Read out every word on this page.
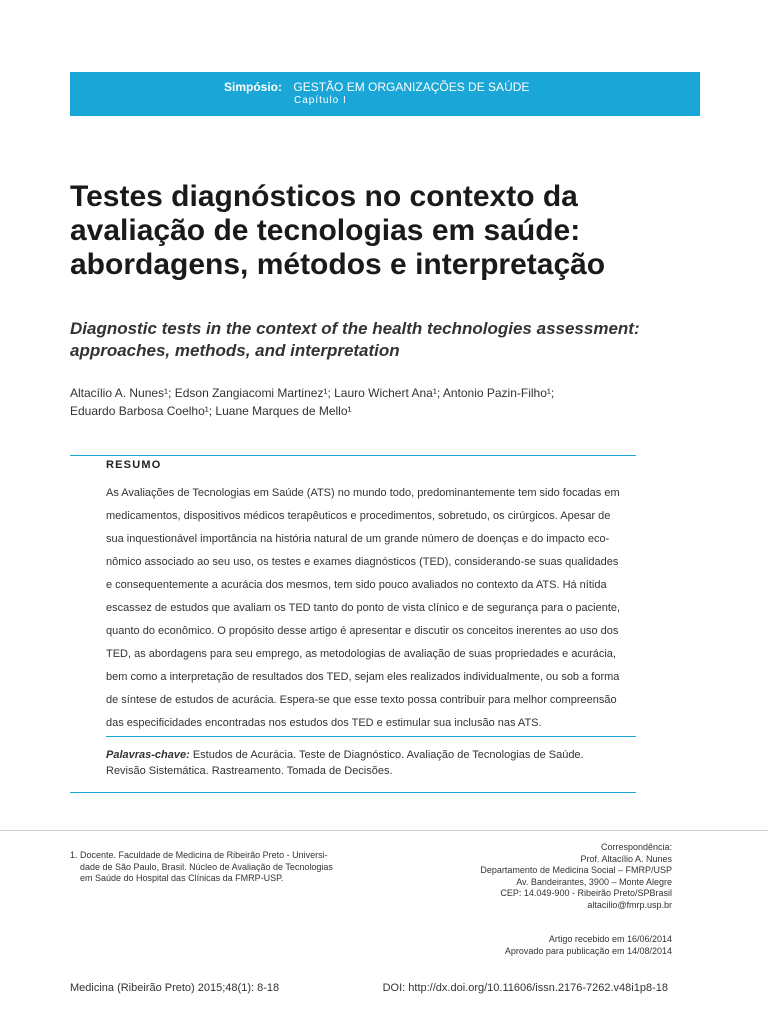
Simpósio: GESTÃO EM ORGANIZAÇÕES DE SAÚDE
Capítulo I
Testes diagnósticos no contexto da
avaliação de tecnologias em saúde:
abordagens, métodos e interpretação
Diagnostic tests in the context of the health technologies assessment:
approaches, methods, and interpretation
Altacílio A. Nunes¹; Edson Zangiacomi Martinez¹; Lauro Wichert Ana¹; Antonio Pazin-Filho¹;
Eduardo Barbosa Coelho¹; Luane Marques de Mello¹
RESUMO
As Avaliações de Tecnologias em Saúde (ATS) no mundo todo, predominantemente tem sido focadas em
medicamentos, dispositivos médicos terapêuticos e procedimentos, sobretudo, os cirúrgicos. Apesar de
sua inquestionável importância na história natural de um grande número de doenças e do impacto eco-
nômico associado ao seu uso, os testes e exames diagnósticos (TED), considerando-se suas qualidades
e consequentemente a acurácia dos mesmos, tem sido pouco avaliados no contexto da ATS. Há nítida
escassez de estudos que avaliam os TED tanto do ponto de vista clínico e de segurança para o paciente,
quanto do econômico. O propósito desse artigo é apresentar e discutir os conceitos inerentes ao uso dos
TED, as abordagens para seu emprego, as metodologias de avaliação de suas propriedades e acurácia,
bem como a interpretação de resultados dos TED, sejam eles realizados individualmente, ou sob a forma
de síntese de estudos de acurácia. Espera-se que esse texto possa contribuir para melhor compreensão
das especificidades encontradas nos estudos dos TED e estimular sua inclusão nas ATS.
Palavras-chave: Estudos de Acurácia. Teste de Diagnóstico. Avaliação de Tecnologias de Saúde.
Revisão Sistemática. Rastreamento. Tomada de Decisões.
1. Docente. Faculdade de Medicina de Ribeirão Preto - Universi-
dade de São Paulo, Brasil. Núcleo de Avaliação de Tecnologias
em Saúde do Hospital das Clínicas da FMRP-USP.
Correspondência:
Prof. Altacílio A. Nunes
Departamento de Medicina Social – FMRP/USP
Av. Bandeirantes, 3900 – Monte Alegre
CEP: 14.049-900 - Ribeirão Preto/SPBrasil
altacilio@fmrp.usp.br
Artigo recebido em 16/06/2014
Aprovado para publicação em 14/08/2014
Medicina (Ribeirão Preto) 2015;48(1): 8-18	DOI: http://dx.doi.org/10.11606/issn.2176-7262.v48i1p8-18
